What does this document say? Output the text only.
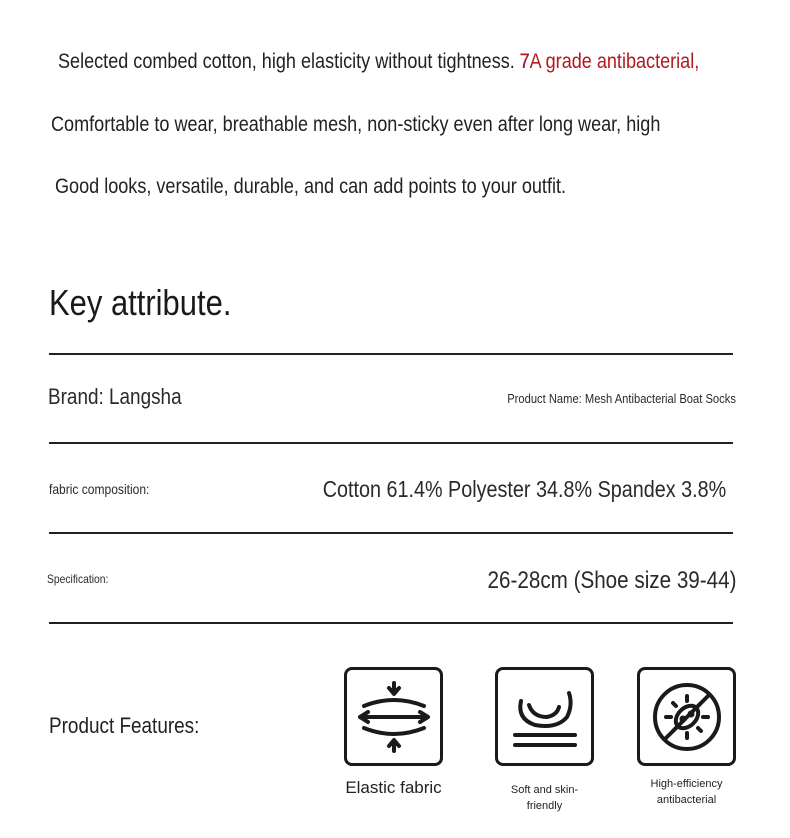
Selected combed cotton, high elasticity without tightness. 77A grade antibacterial,
Comfortable to wear, breathable mesh, non-sticky even after long wear, high
Good looks, versatile, durable, and can add points to your outfit.
Key attribute.
Brand: Langsha	Product Name: Mesh Antibacterial Boat Socks
fabric composition:	Cotton 61.4% Polyester 34.8% Spandex 3.8%
Specification:	26-28cm (Shoe size 39-44)
Product Features:
Elastic fabric	Soft and skin-friendly
High-efficiency antibacterial
